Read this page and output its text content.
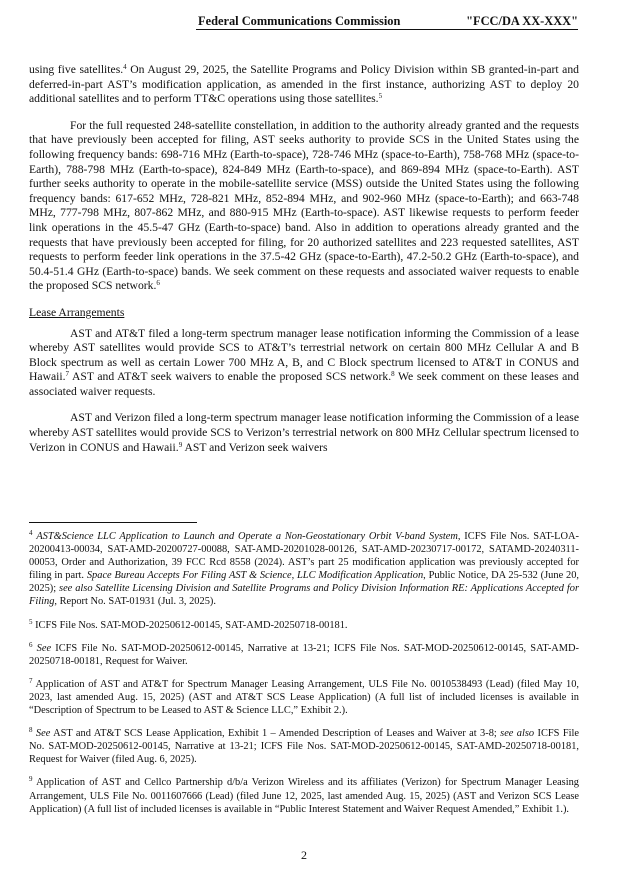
Federal Communications Commission	"FCC/DA XX-XXX"

using five satellites.$^4$ On August 29, 2025, the Satellite Programs and Policy Division within SB granted-in-part and deferred-in-part AST’s modification application, as amended in the first instance, authorizing AST to deploy 20 additional satellites and to perform TT&C operations using those satellites.$^5$

For the full requested 248-satellite constellation, in addition to the authority already granted and the requests that have previously been accepted for filing, AST seeks authority to provide SCS in the United States using the following frequency bands: 698-716 MHz (Earth-to-space), 728-746 MHz (space-to-Earth), 758-768 MHz (space-to-Earth), 788-798 MHz (Earth-to-space), 824-849 MHz (Earth-to-space), and 869-894 MHz (space-to-Earth). AST further seeks authority to operate in the mobile-satellite service (MSS) outside the United States using the following frequency bands: 617-652 MHz, 728-821 MHz, 852-894 MHz, and 902-960 MHz (space-to-Earth); and 663-748 MHz, 777-798 MHz, 807-862 MHz, and 880-915 MHz (Earth-to-space). AST likewise requests to perform feeder link operations in the 45.5-47 GHz (Earth-to-space) band. Also in addition to operations already granted and the requests that have previously been accepted for filing, for 20 authorized satellites and 223 requested satellites, AST requests to perform feeder link operations in the 37.5-42 GHz (space-to-Earth), 47.2-50.2 GHz (Earth-to-space), and 50.4-51.4 GHz (Earth-to-space) bands. We seek comment on these requests and associated waiver requests to enable the proposed SCS network.$^6$

Lease Arrangements

AST and AT&T filed a long-term spectrum manager lease notification informing the Commission of a lease whereby AST satellites would provide SCS to AT&T’s terrestrial network on certain 800 MHz Cellular A and B Block spectrum as well as certain Lower 700 MHz A, B, and C Block spectrum licensed to AT&T in CONUS and Hawaii.$^7$ AST and AT&T seek waivers to enable the proposed SCS network.$^8$ We seek comment on these leases and associated waiver requests.

AST and Verizon filed a long-term spectrum manager lease notification informing the Commission of a lease whereby AST satellites would provide SCS to Verizon’s terrestrial network on 800 MHz Cellular spectrum licensed to Verizon in CONUS and Hawaii.$^9$ AST and Verizon seek waivers

$^4$ AST&Science LLC Application to Launch and Operate a Non-Geostationary Orbit V-band System, ICFS File Nos. SAT-LOA-20200413-00034, SAT-AMD-20200727-00088, SAT-AMD-20201028-00126, SAT-AMD-20230717-00172, SATAMD-20240311-00053, Order and Authorization, 39 FCC Rcd 8558 (2024). AST’s part 25 modification application was previously accepted for filing in part. Space Bureau Accepts For Filing AST & Science, LLC Modification Application, Public Notice, DA 25-532 (June 20, 2025); see also Satellite Licensing Division and Satellite Programs and Policy Division Information RE: Applications Accepted for Filing, Report No. SAT-01931 (Jul. 3, 2025).

$^5$ ICFS File Nos. SAT-MOD-20250612-00145, SAT-AMD-20250718-00181.

$^6$ See ICFS File No. SAT-MOD-20250612-00145, Narrative at 13-21; ICFS File Nos. SAT-MOD-20250612-00145, SAT-AMD-20250718-00181, Request for Waiver.

$^7$ Application of AST and AT&T for Spectrum Manager Leasing Arrangement, ULS File No. 0010538493 (Lead) (filed May 10, 2023, last amended Aug. 15, 2025) (AST and AT&T SCS Lease Application) (A full list of included licenses is available in “Description of Spectrum to be Leased to AST & Science LLC,” Exhibit 2.).

$^8$ See AST and AT&T SCS Lease Application, Exhibit 1 – Amended Description of Leases and Waiver at 3-8; see also ICFS File No. SAT-MOD-20250612-00145, Narrative at 13-21; ICFS File Nos. SAT-MOD-20250612-00145, SAT-AMD-20250718-00181, Request for Waiver (filed Aug. 6, 2025).

$^9$ Application of AST and Cellco Partnership d/b/a Verizon Wireless and its affiliates (Verizon) for Spectrum Manager Leasing Arrangement, ULS File No. 0011607666 (Lead) (filed June 12, 2025, last amended Aug. 15, 2025) (AST and Verizon SCS Lease Application) (A full list of included licenses is available in “Public Interest Statement and Waiver Request Amended,” Exhibit 1.).

2
